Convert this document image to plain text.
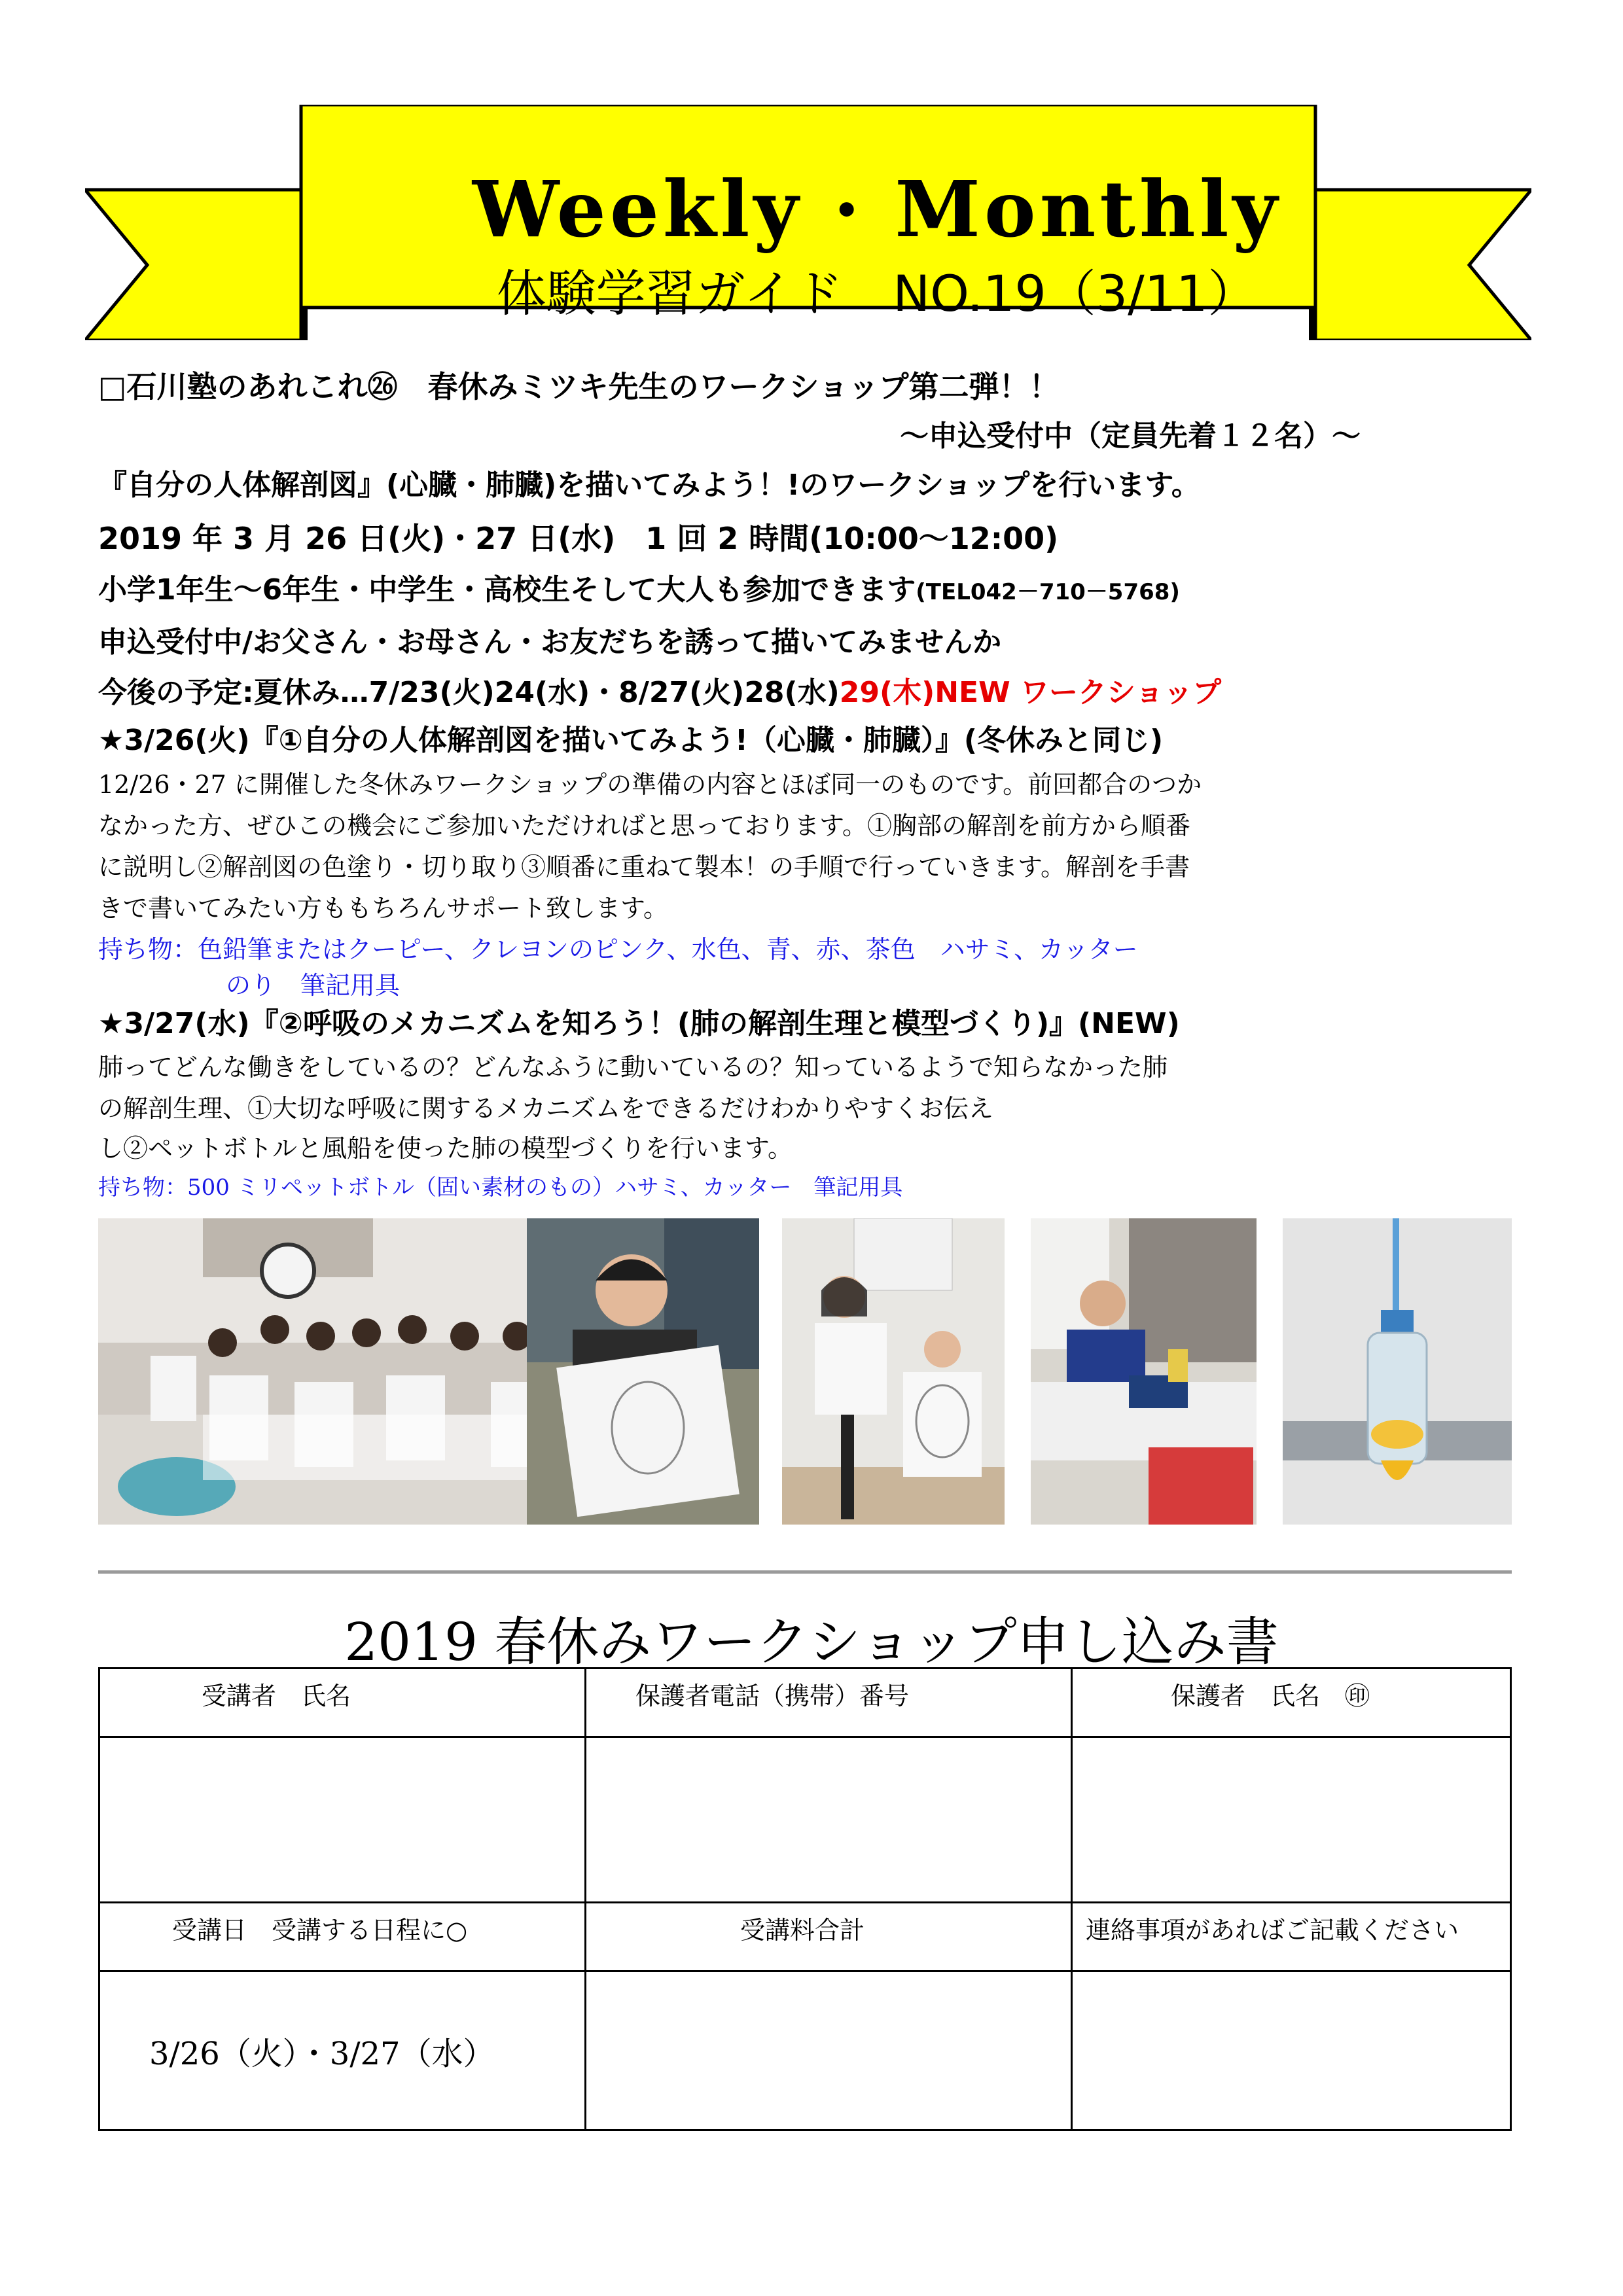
Weekly · Monthly
体験学習ガイド　NO.19（3/11）
□石川塾のあれこれ㉖　春休みミツキ先生のワークショップ第二弾！！
～申込受付中（定員先着１２名）～
『自分の人体解剖図』(心臓・肺臓)を描いてみよう！!のワークショップを行います。
2019 年 3 月 26 日(火)・27 日(水)　1 回 2 時間(10:00～12:00)
小学1年生～6年生・中学生・高校生そして大人も参加できます(TEL042－710－5768)
申込受付中/お父さん・お母さん・お友だちを誘って描いてみませんか
今後の予定:夏休み…7/23(火)24(水)・8/27(火)28(水)29(木)NEW ワークショップ
★3/26(火)『①自分の人体解剖図を描いてみよう!（心臓・肺臓）』(冬休みと同じ)
12/26・27 に開催した冬休みワークショップの準備の内容とほぼ同一のものです。前回都合のつか
なかった方、ぜひこの機会にご参加いただければと思っております。①胸部の解剖を前方から順番
に説明し②解剖図の色塗り・切り取り③順番に重ねて製本！の手順で行っていきます。解剖を手書
きで書いてみたい方ももちろんサポート致します。
持ち物：色鉛筆またはクーピー、クレヨンのピンク、水色、青、赤、茶色　ハサミ、カッター
のり　筆記用具
★3/27(水)『②呼吸のメカニズムを知ろう！(肺の解剖生理と模型づくり)』(NEW)
肺ってどんな働きをしているの？どんなふうに動いているの？知っているようで知らなかった肺
の解剖生理、①大切な呼吸に関するメカニズムをできるだけわかりやすくお伝え
し②ペットボトルと風船を使った肺の模型づくりを行います。
持ち物：500 ミリペットボトル（固い素材のもの）ハサミ、カッター　筆記用具
2019 春休みワークショップ申し込み書
受講者　氏名	保護者電話（携帯）番号	保護者　氏名　㊞

受講日　受講する日程に○	受講料合計	連絡事項があればご記載ください

3/26（火）・3/27（水）		
